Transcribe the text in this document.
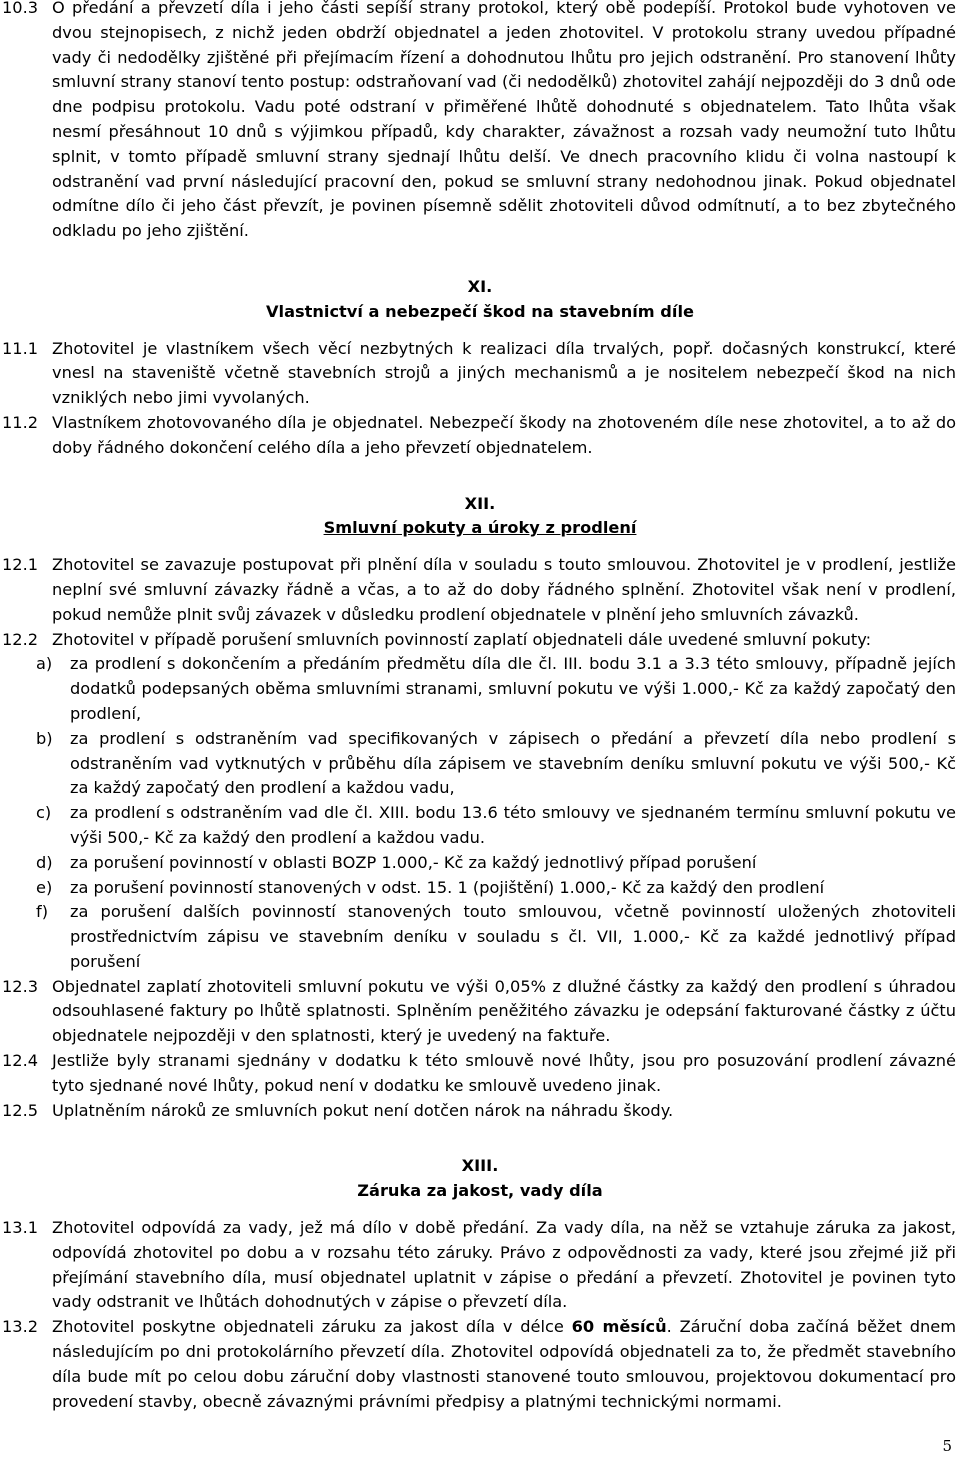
10.3 O předání a převzetí díla i jeho části sepíší strany protokol, který obě podepíší. Protokol bude vyhotoven ve dvou stejnopisech, z nichž jeden obdrží objednatel a jeden zhotovitel. V protokolu strany uvedou případné vady či nedodělky zjištěné při přejímacím řízení a dohodnutou lhůtu pro jejich odstranění. Pro stanovení lhůty smluvní strany stanoví tento postup: odstraňovaní vad (či nedodělků) zhotovitel zahájí nejpozději do 3 dnů ode dne podpisu protokolu. Vadu poté odstraní v přiměřené lhůtě dohodnuté s objednatelem. Tato lhůta však nesmí přesáhnout 10 dnů s výjimkou případů, kdy charakter, závažnost a rozsah vady neumožní tuto lhůtu splnit, v tomto případě smluvní strany sjednají lhůtu delší. Ve dnech pracovního klidu či volna nastoupí k odstranění vad první následující pracovní den, pokud se smluvní strany nedohodnou jinak. Pokud objednatel odmítne dílo či jeho část převzít, je povinen písemně sdělit zhotoviteli důvod odmítnutí, a to bez zbytečného odkladu po jeho zjištění.
XI.
Vlastnictví a nebezpečí škod na stavebním díle
11.1 Zhotovitel je vlastníkem všech věcí nezbytných k realizaci díla trvalých, popř. dočasných konstrukcí, které vnesl na staveniště včetně stavebních strojů a jiných mechanismů a je nositelem nebezpečí škod na nich vzniklých nebo jimi vyvolaných.
11.2 Vlastníkem zhotovovaného díla je objednatel. Nebezpečí škody na zhotoveném díle nese zhotovitel, a to až do doby řádného dokončení celého díla a jeho převzetí objednatelem.
XII.
Smluvní pokuty a úroky z prodlení
12.1 Zhotovitel se zavazuje postupovat při plnění díla v souladu s touto smlouvou. Zhotovitel je v prodlení, jestliže neplní své smluvní závazky řádně a včas, a to až do doby řádného splnění. Zhotovitel však není v prodlení, pokud nemůže plnit svůj závazek v důsledku prodlení objednatele v plnění jeho smluvních závazků.
12.2 Zhotovitel v případě porušení smluvních povinností zaplatí objednateli dále uvedené smluvní pokuty:
a) za prodlení s dokončením a předáním předmětu díla dle čl. III. bodu 3.1 a 3.3 této smlouvy, případně jejích dodatků podepsaných oběma smluvními stranami, smluvní pokutu ve výši 1.000,- Kč za každý započatý den prodlení,
b) za prodlení s odstraněním vad specifikovaných v zápisech o předání a převzetí díla nebo prodlení s odstraněním vad vytknutých v průběhu díla zápisem ve stavebním deníku smluvní pokutu ve výši 500,- Kč za každý započatý den prodlení a každou vadu,
c) za prodlení s odstraněním vad dle čl. XIII. bodu 13.6 této smlouvy ve sjednaném termínu smluvní pokutu ve výši 500,- Kč za každý den prodlení a každou vadu.
d) za porušení povinností v oblasti BOZP 1.000,- Kč za každý jednotlivý případ porušení
e) za porušení povinností stanovených v odst. 15. 1 (pojištění) 1.000,- Kč za každý den prodlení
f) za porušení dalších povinností stanovených touto smlouvou, včetně povinností uložených zhotoviteli prostřednictvím zápisu ve stavebním deníku v souladu s čl. VII, 1.000,- Kč za každé jednotlivý případ porušení
12.3 Objednatel zaplatí zhotoviteli smluvní pokutu ve výši 0,05% z dlužné částky za každý den prodlení s úhradou odsouhlasené faktury po lhůtě splatnosti. Splněním peněžitého závazku je odepsání fakturované částky z účtu objednatele nejpozději v den splatnosti, který je uvedený na faktuře.
12.4 Jestliže byly stranami sjednány v dodatku k této smlouvě nové lhůty, jsou pro posuzování prodlení závazné tyto sjednané nové lhůty, pokud není v dodatku ke smlouvě uvedeno jinak.
12.5 Uplatněním nároků ze smluvních pokut není dotčen nárok na náhradu škody.
XIII.
Záruka za jakost, vady díla
13.1 Zhotovitel odpovídá za vady, jež má dílo v době předání. Za vady díla, na něž se vztahuje záruka za jakost, odpovídá zhotovitel po dobu a v rozsahu této záruky. Právo z odpovědnosti za vady, které jsou zřejmé již při přejímání stavebního díla, musí objednatel uplatnit v zápise o předání a převzetí. Zhotovitel je povinen tyto vady odstranit ve lhůtách dohodnutých v zápise o převzetí díla.
13.2 Zhotovitel poskytne objednateli záruku za jakost díla v délce 60 měsíců. Záruční doba začíná běžet dnem následujícím po dni protokolárního převzetí díla. Zhotovitel odpovídá objednateli za to, že předmět stavebního díla bude mít po celou dobu záruční doby vlastnosti stanovené touto smlouvou, projektovou dokumentací pro provedení stavby, obecně závaznými právními předpisy a platnými technickými normami.
5
